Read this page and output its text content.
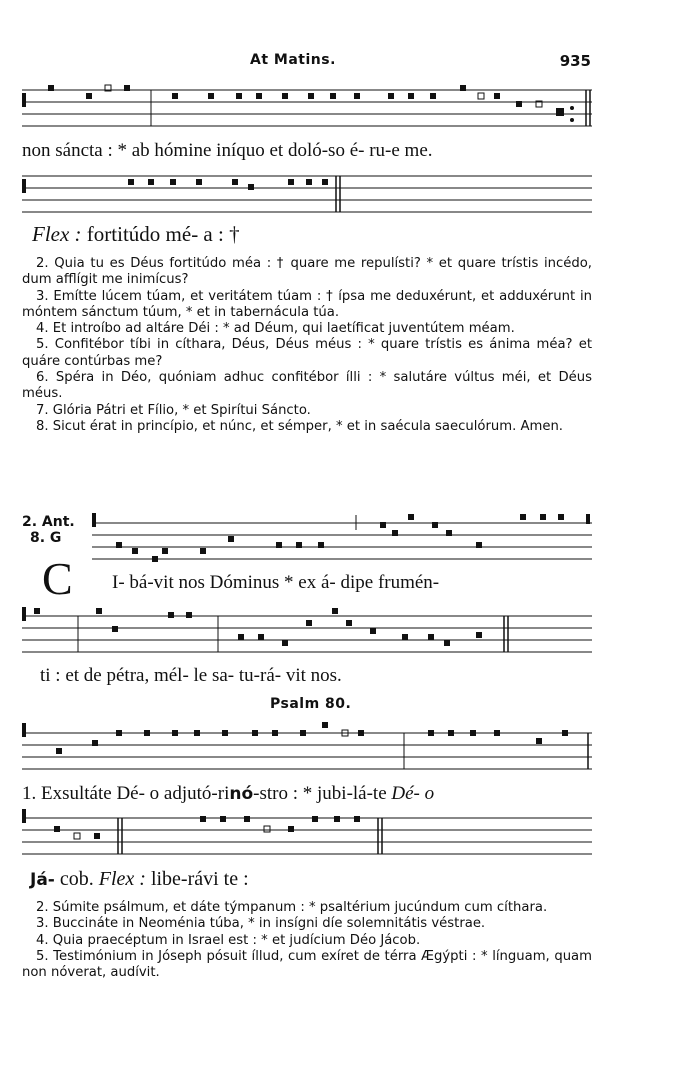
At Matins.	935
non sáncta : * ab hómine iníquo et doló-so é- ru-e me.
Flex : fortitúdo mé- a : †

2. Quia tu es Déus fortitúdo méa : † quare me repulísti? * et quare trístis incédo, dum afflígit me inimícus?

3. Emítte lúcem túam, et veritátem túam : † ípsa me deduxérunt, et adduxérunt in móntem sánctum túum, * et in tabernácula túa.

4. Et introíbo ad altáre Déi : * ad Déum, qui laetíficat juventútem méam.

5. Confitébor tíbi in cíthara, Déus, Déus méus : * quare trístis es ánima méa? et quáre contúrbas me?

6. Spéra in Déo, quóniam adhuc confitébor ílli : * salutáre vúltus méi, et Déus méus.

7. Glória Pátri et Fílio, * et Spirítui Sáncto.

8. Sicut érat in princípio, et núnc, et sémper, * et in saécula saeculórum. Amen.

2. Ant.
8. G
C I- bá-vit nos Dóminus * ex á- dipe frumén-
ti : et de pétra, mél- le sa- tu-rá- vit nos.
Psalm 80.
1. Exsultáte Dé- o adjutó-rinó-stro : * jubi-lá-te Dé- o
Já- cob. Flex : libe-rávi te :

2. Súmite psálmum, et dáte týmpanum : * psaltérium jucúndum cum cíthara.

3. Buccináte in Neoménia túba, * in insígni díe solemnitátis véstrae.

4. Quia praecéptum in Israel est : * et judícium Déo Jácob.

5. Testimónium in Jóseph pósuit íllud, cum exíret de térra Ægýpti : * línguam, quam non nóverat, audívit.
